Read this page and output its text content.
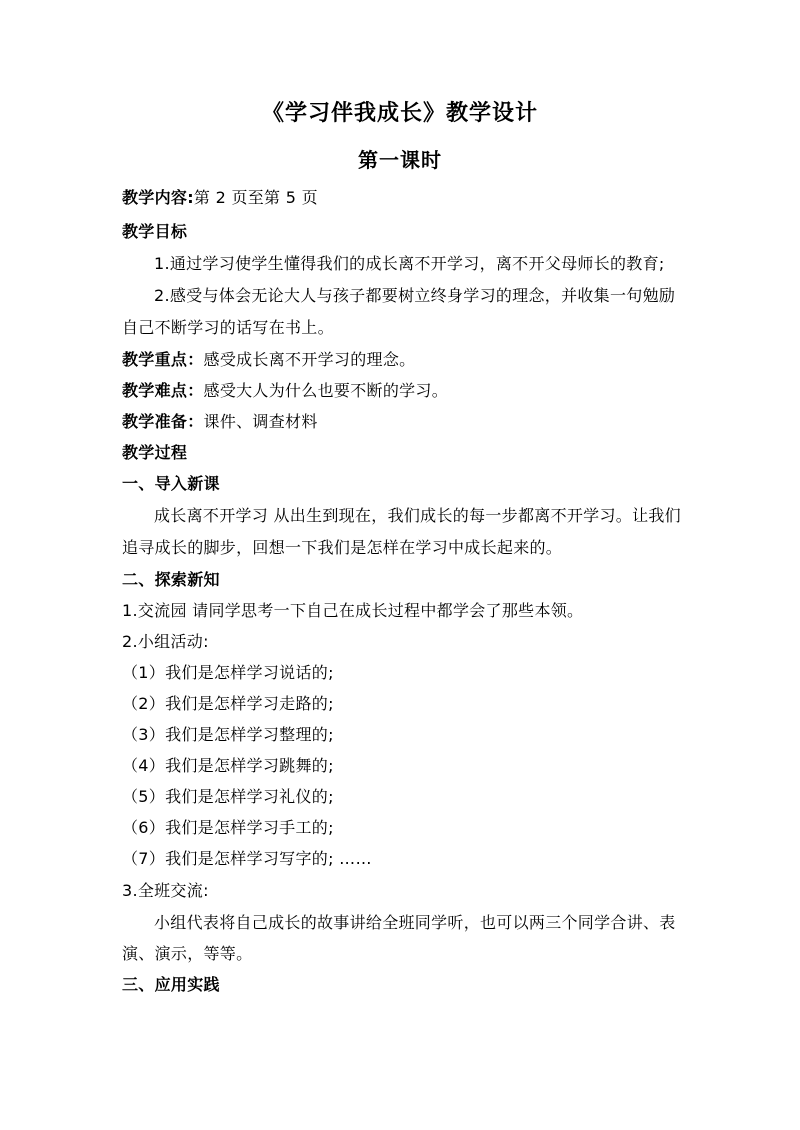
《学习伴我成长》教学设计
第一课时
教学内容:第 2 页至第 5 页
教学目标
1.通过学习使学生懂得我们的成长离不开学习，离不开父母师长的教育;
2.感受与体会无论大人与孩子都要树立终身学习的理念，并收集一句勉励
自己不断学习的话写在书上。
教学重点：感受成长离不开学习的理念。
教学难点：感受大人为什么也要不断的学习。
教学准备：课件、调查材料
教学过程
一、导入新课
成长离不开学习 从出生到现在，我们成长的每一步都离不开学习。让我们
追寻成长的脚步，回想一下我们是怎样在学习中成长起来的。
二、探索新知
1.交流园 请同学思考一下自己在成长过程中都学会了那些本领。
2.小组活动:
（1）我们是怎样学习说话的;
（2）我们是怎样学习走路的;
（3）我们是怎样学习整理的;
（4）我们是怎样学习跳舞的;
（5）我们是怎样学习礼仪的;
（6）我们是怎样学习手工的;
（7）我们是怎样学习写字的; ……
3.全班交流:
小组代表将自己成长的故事讲给全班同学听，也可以两三个同学合讲、表
演、演示，等等。
三、应用实践
